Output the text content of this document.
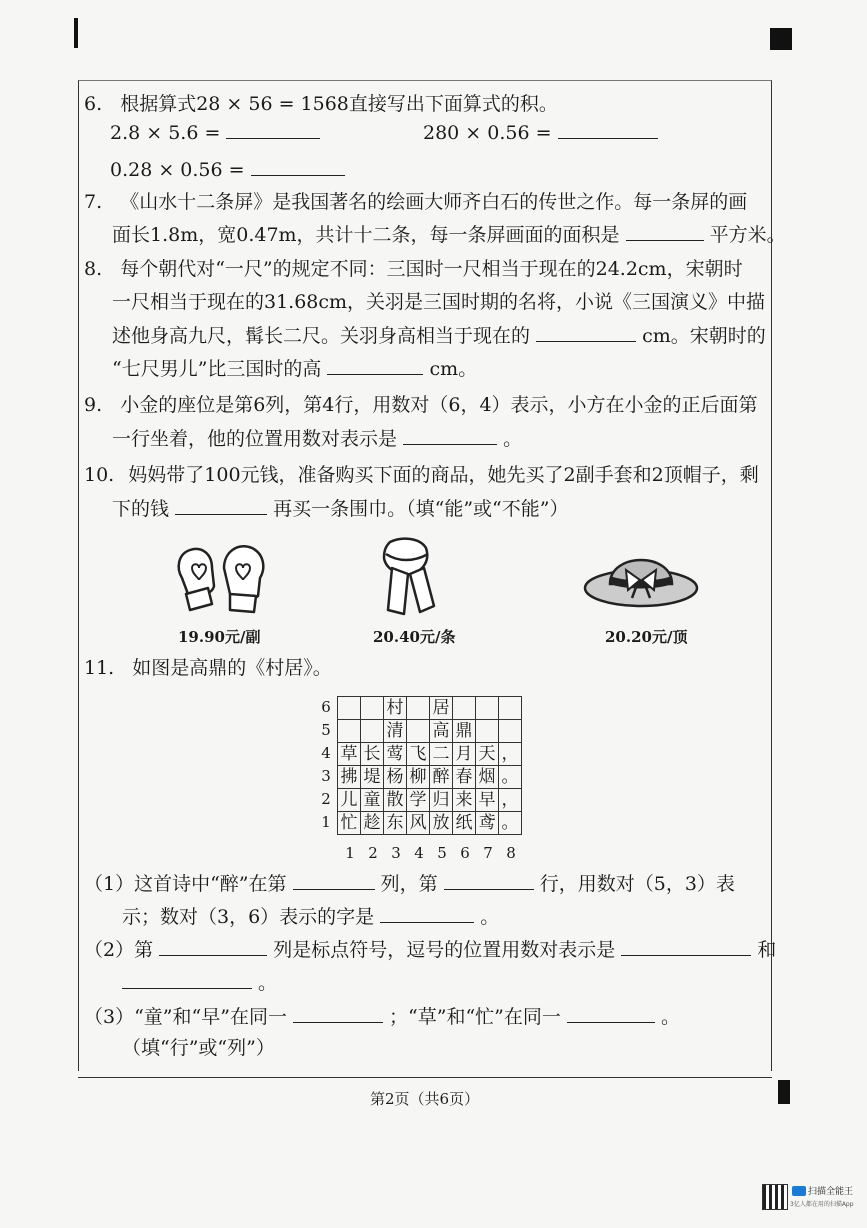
6. 根据算式28 × 56 = 1568直接写出下面算式的积。
2.8 × 5.6 =	280 × 0.56 =
0.28 × 0.56 =
7. 《山水十二条屏》是我国著名的绘画大师齐白石的传世之作。每一条屏的画
面长1.8m，宽0.47m，共计十二条，每一条屏画面的面积是	平方米。
8. 每个朝代对“一尺”的规定不同：三国时一尺相当于现在的24.2cm，宋朝时
一尺相当于现在的31.68cm，关羽是三国时期的名将，小说《三国演义》中描
述他身高九尺，髯长二尺。关羽身高相当于现在的	cm。宋朝时的
“七尺男儿”比三国时的高	cm。
9. 小金的座位是第6列，第4行，用数对（6，4）表示，小方在小金的正后面第
一行坐着，他的位置用数对表示是	。
10. 妈妈带了100元钱，准备购买下面的商品，她先买了2副手套和2顶帽子，剩
下的钱	再买一条围巾。（填“能”或“不能”）
19.90元/副	20.40元/条	20.20元/顶
11. 如图是高鼎的《村居》。
		村		居			
		清		高	鼎		
草	长	莺	飞	二	月	天	，
拂	堤	杨	柳	醉	春	烟	。
儿	童	散	学	归	来	早	，
忙	趁	东	风	放	纸	鸢	。
6
5
4
3
2
1
1 2 3 4 5 6 7 8
（1）这首诗中“醉”在第	列，第	行，用数对（5，3）表
示；数对（3，6）表示的字是	。
（2）第	列是标点符号，逗号的位置用数对表示是	和
。
（3）“童”和“早”在同一	；“草”和“忙”在同一	。
（填“行”或“列”）
第2页（共6页）
扫描全能王
3亿人都在用的扫描App
